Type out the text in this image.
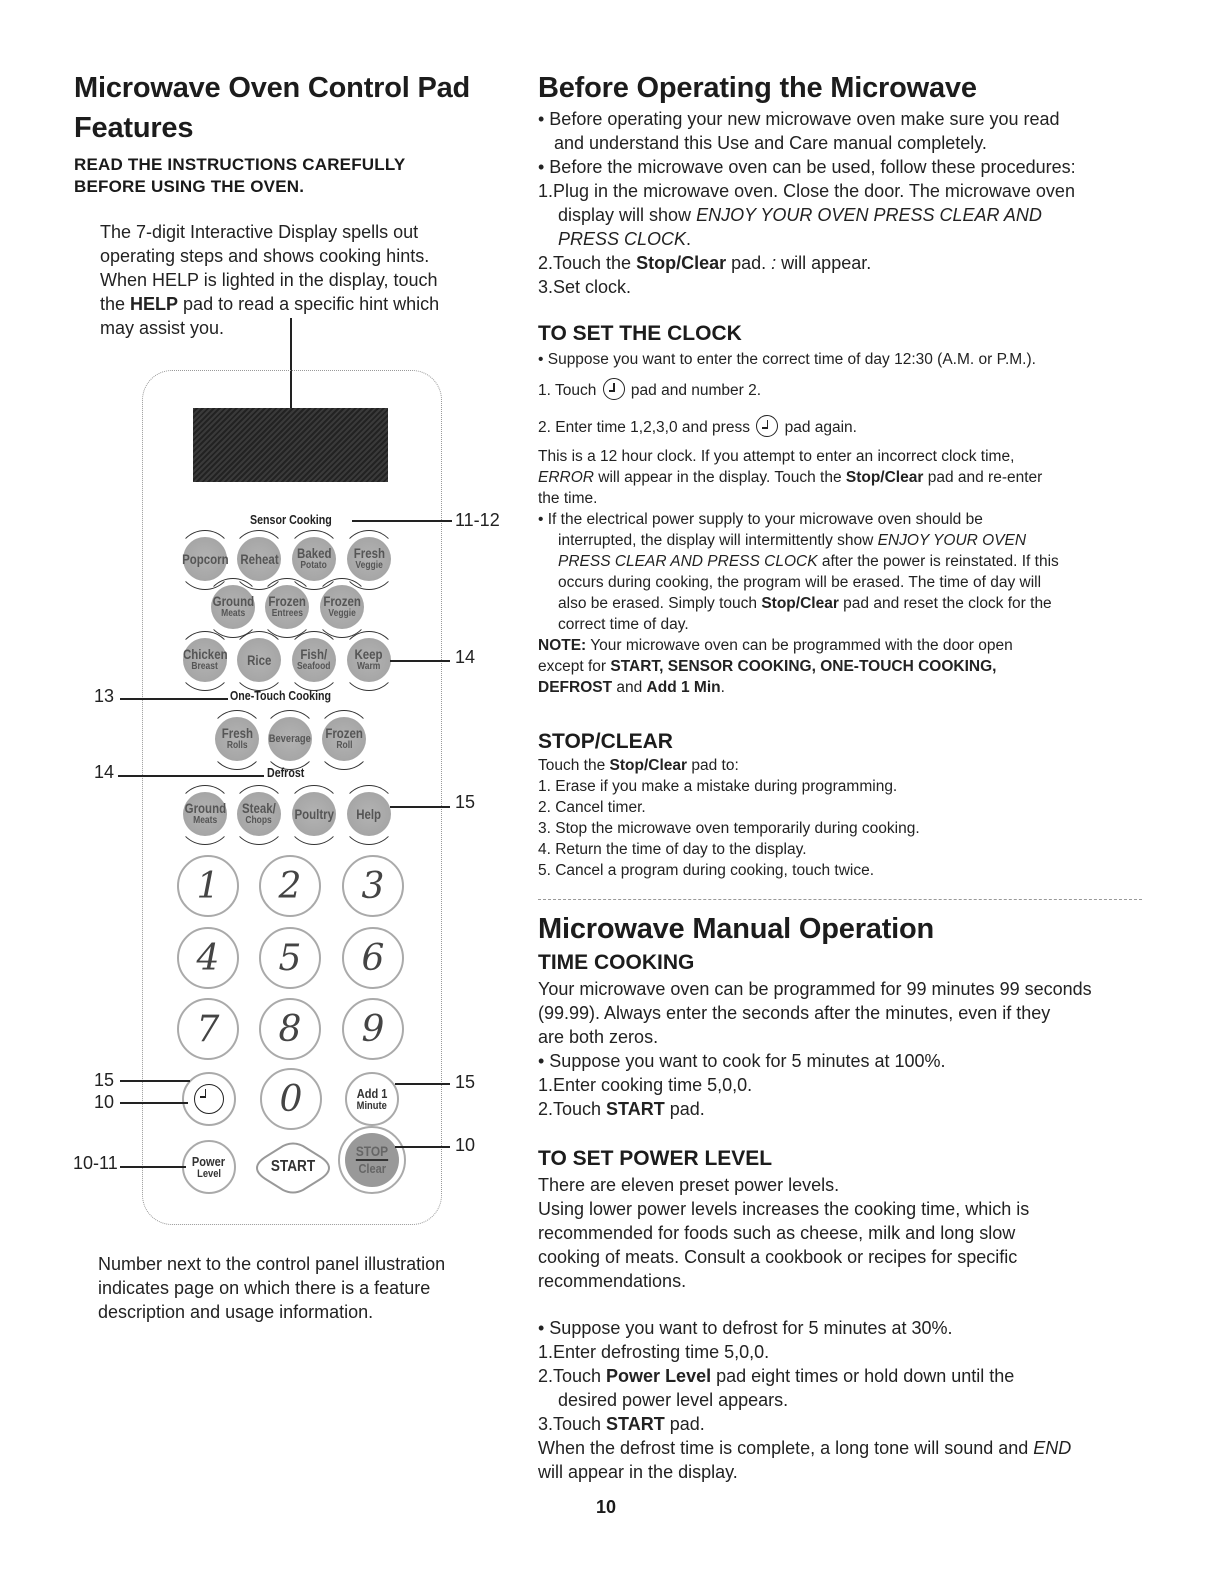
Microwave Oven Control Pad
Features
READ THE INSTRUCTIONS CAREFULLY
BEFORE USING THE OVEN.
The 7-digit Interactive Display spells out
operating steps and shows cooking hints.
When HELP is lighted in the display, touch
the HELP pad to read a specific hint which
may assist you.
Sensor Cooking	11-12
Popcorn Reheat Baked
Potato
Fresh
Veggie
Ground
Meats
Frozen
Entrees
Frozen
Veggie
Chicken
Breast Rice Fish/
Seafood
Keep
Warm	14
13	One-Touch Cooking
Fresh
Rolls
Beverage Frozen
Roll
14	Defrost
Ground
Meats
Steak/
Chops Poultry Help
15
1 2 3
4 5 6
7 8 9
0	Add 1
Minute
15
10
15
Power
Level
10-11	START
STOP
Clear
10
Number next to the control panel illustration
indicates page on which there is a feature
description and usage information.
Before Operating the Microwave
• Before operating your new microwave oven make sure you read
and understand this Use and Care manual completely.
• Before the microwave oven can be used, follow these procedures:
1.Plug in the microwave oven. Close the door. The microwave oven
display will show ENJOY YOUR OVEN PRESS CLEAR AND
PRESS CLOCK.
2.Touch the Stop/Clear pad. : will appear.
3.Set clock.
TO SET THE CLOCK
• Suppose you want to enter the correct time of day 12:30 (A.M. or P.M.).
1. Touch  pad and number 2.
2. Enter time 1,2,3,0 and press  pad again.
This is a 12 hour clock. If you attempt to enter an incorrect clock time,
ERROR will appear in the display. Touch the Stop/Clear pad and re-enter
the time.
• If the electrical power supply to your microwave oven should be
interrupted, the display will intermittently show ENJOY YOUR OVEN
PRESS CLEAR AND PRESS CLOCK after the power is reinstated. If this
occurs during cooking, the program will be erased. The time of day will
also be erased. Simply touch Stop/Clear pad and reset the clock for the
correct time of day.
NOTE: Your microwave oven can be programmed with the door open
except for START, SENSOR COOKING, ONE-TOUCH COOKING,
DEFROST and Add 1 Min.
STOP/CLEAR
Touch the Stop/Clear pad to:
1. Erase if you make a mistake during programming.
2. Cancel timer.
3. Stop the microwave oven temporarily during cooking.
4. Return the time of day to the display.
5. Cancel a program during cooking, touch twice.
Microwave Manual Operation
TIME COOKING
Your microwave oven can be programmed for 99 minutes 99 seconds
(99.99). Always enter the seconds after the minutes, even if they
are both zeros.
• Suppose you want to cook for 5 minutes at 100%.
1.Enter cooking time 5,0,0.
2.Touch START pad.
TO SET POWER LEVEL
There are eleven preset power levels.
Using lower power levels increases the cooking time, which is
recommended for foods such as cheese, milk and long slow
cooking of meats. Consult a cookbook or recipes for specific
recommendations.
• Suppose you want to defrost for 5 minutes at 30%.
1.Enter defrosting time 5,0,0.
2.Touch Power Level pad eight times or hold down until the
desired power level appears.
3.Touch START pad.
When the defrost time is complete, a long tone will sound and END
will appear in the display.
10
